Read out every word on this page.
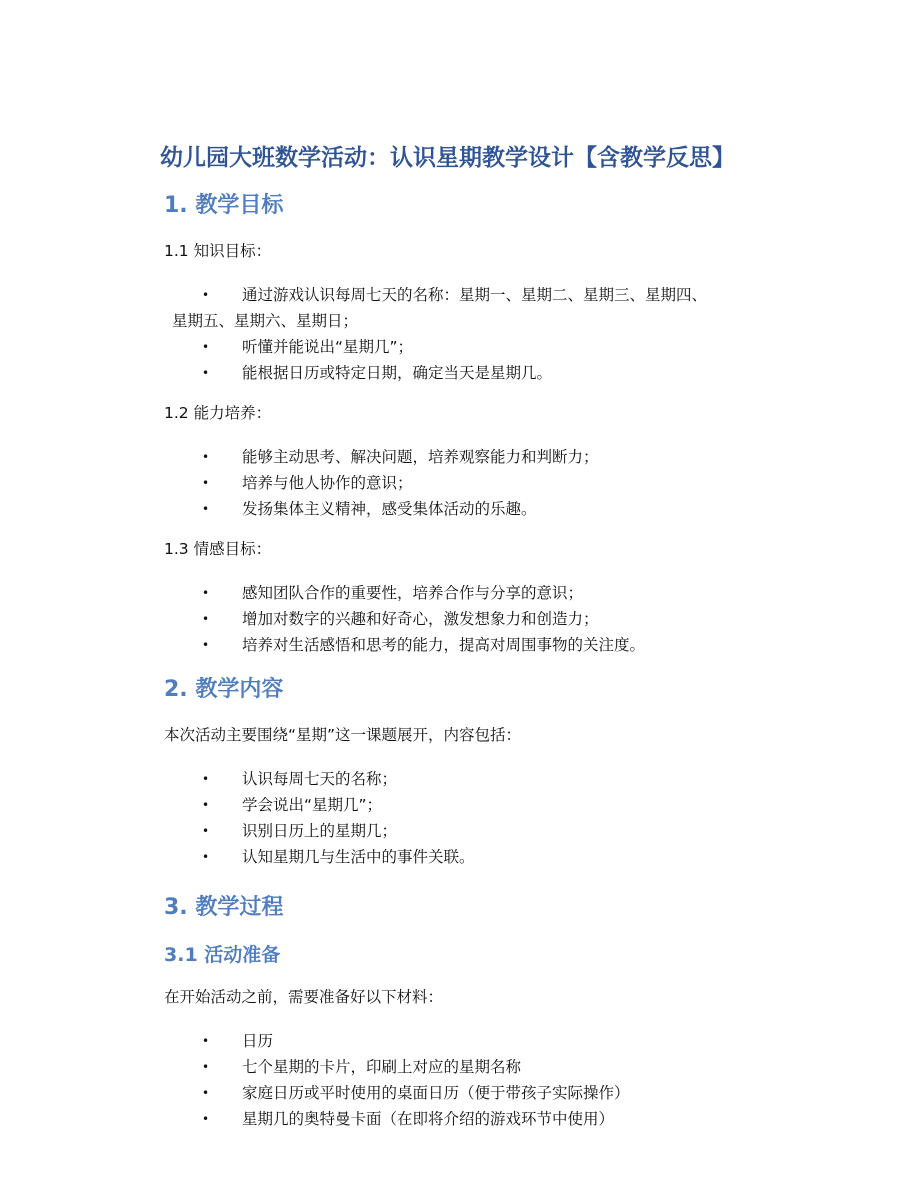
幼儿园大班数学活动：认识星期教学设计【含教学反思】
1. 教学目标

1.1 知识目标：

• 通过游戏认识每周七天的名称：星期一、星期二、星期三、星期四、
星期五、星期六、星期日；
• 听懂并能说出“星期几”；
• 能根据日历或特定日期，确定当天是星期几。

1.2 能力培养：

• 能够主动思考、解决问题，培养观察能力和判断力；
• 培养与他人协作的意识；
• 发扬集体主义精神，感受集体活动的乐趣。

1.3 情感目标：

• 感知团队合作的重要性，培养合作与分享的意识；
• 增加对数字的兴趣和好奇心，激发想象力和创造力；
• 培养对生活感悟和思考的能力，提高对周围事物的关注度。
2. 教学内容

本次活动主要围绕“星期”这一课题展开，内容包括：

• 认识每周七天的名称；
• 学会说出“星期几”；
• 识别日历上的星期几；
• 认知星期几与生活中的事件关联。
3. 教学过程
3.1 活动准备

在开始活动之前，需要准备好以下材料：

• 日历
• 七个星期的卡片，印刷上对应的星期名称
• 家庭日历或平时使用的桌面日历（便于带孩子实际操作）
• 星期几的奥特曼卡面（在即将介绍的游戏环节中使用）
